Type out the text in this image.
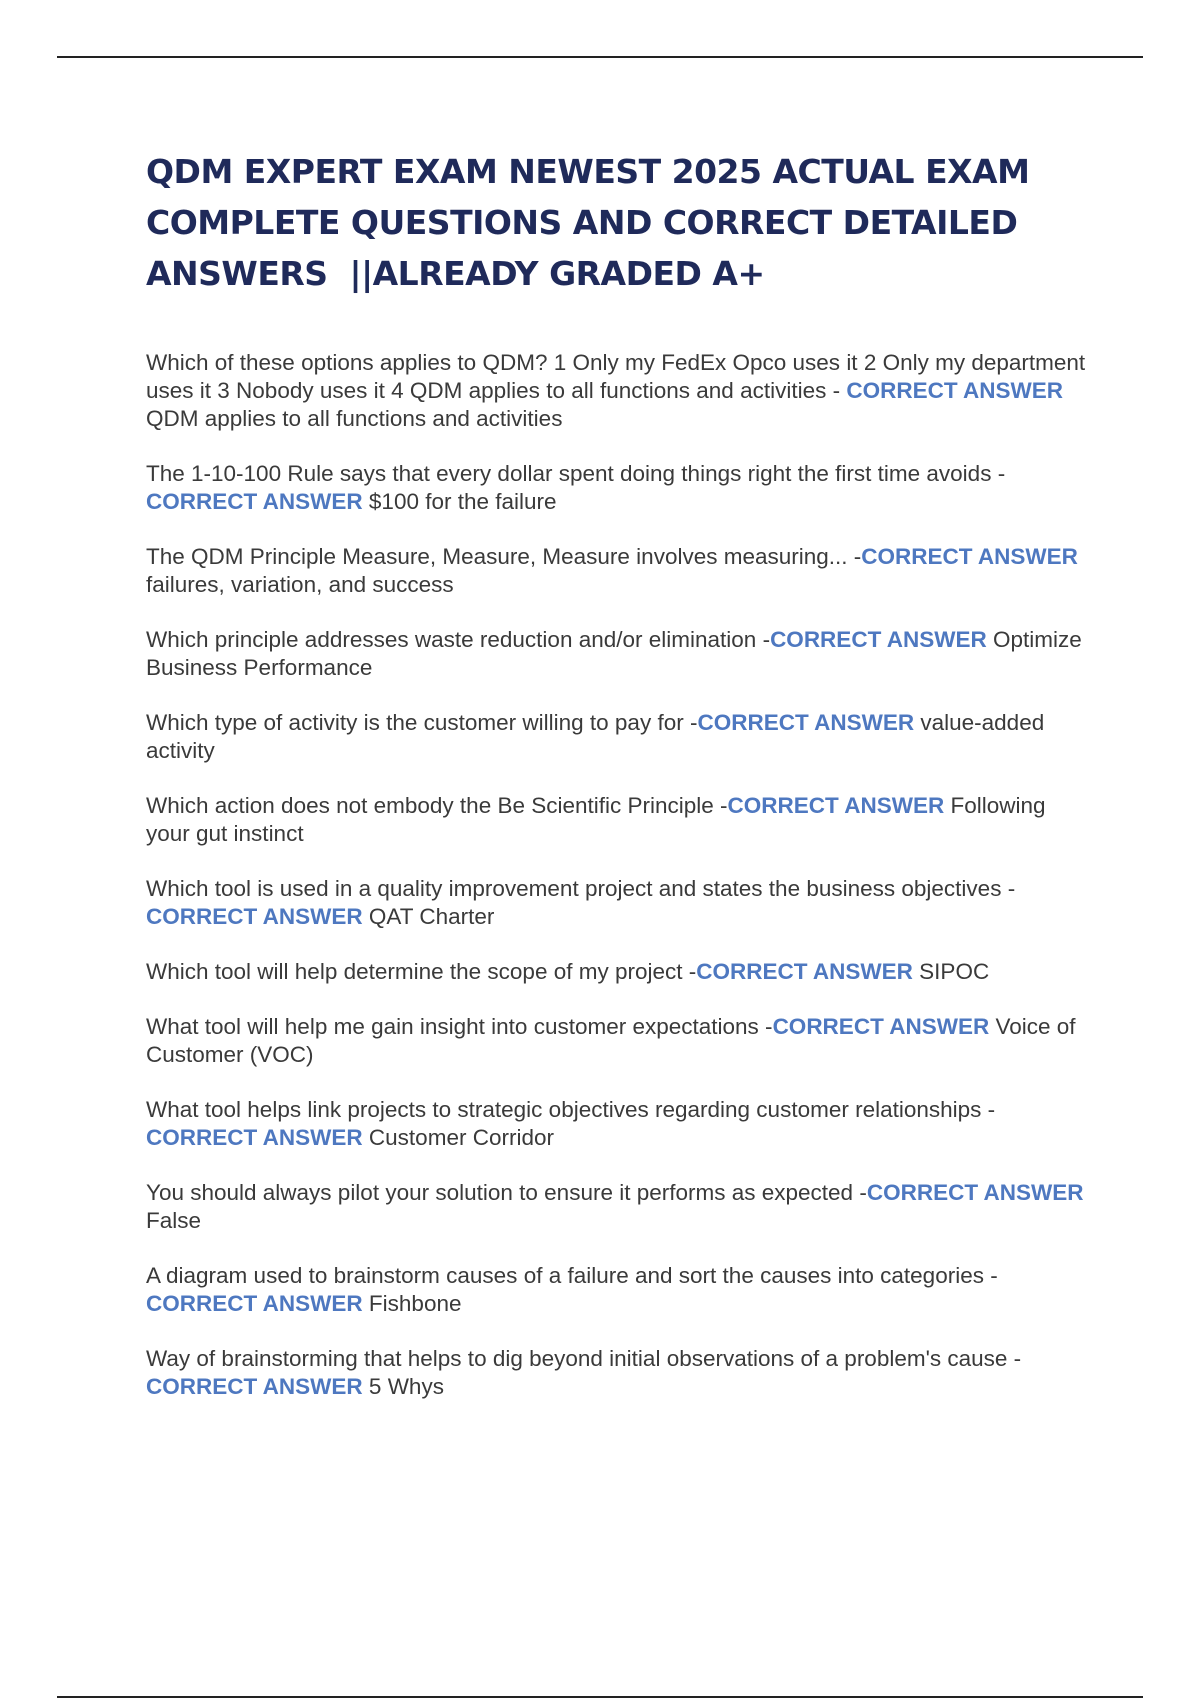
QDM EXPERT EXAM NEWEST 2025 ACTUAL EXAM COMPLETE QUESTIONS AND CORRECT DETAILED ANSWERS  ||ALREADY GRADED A+
Which of these options applies to QDM? 1 Only my FedEx Opco uses it 2 Only my department uses it 3 Nobody uses it 4 QDM applies to all functions and activities - CORRECT ANSWER QDM applies to all functions and activities
The 1-10-100 Rule says that every dollar spent doing things right the first time avoids - CORRECT ANSWER $100 for the failure
The QDM Principle Measure, Measure, Measure involves measuring... -CORRECT ANSWER failures, variation, and success
Which principle addresses waste reduction and/or elimination -CORRECT ANSWER Optimize Business Performance
Which type of activity is the customer willing to pay for -CORRECT ANSWER value-added activity
Which action does not embody the Be Scientific Principle -CORRECT ANSWER Following your gut instinct
Which tool is used in a quality improvement project and states the business objectives - CORRECT ANSWER QAT Charter
Which tool will help determine the scope of my project -CORRECT ANSWER SIPOC
What tool will help me gain insight into customer expectations -CORRECT ANSWER Voice of Customer (VOC)
What tool helps link projects to strategic objectives regarding customer relationships - CORRECT ANSWER Customer Corridor
You should always pilot your solution to ensure it performs as expected -CORRECT ANSWER False
A diagram used to brainstorm causes of a failure and sort the causes into categories - CORRECT ANSWER Fishbone
Way of brainstorming that helps to dig beyond initial observations of a problem's cause - CORRECT ANSWER 5 Whys
